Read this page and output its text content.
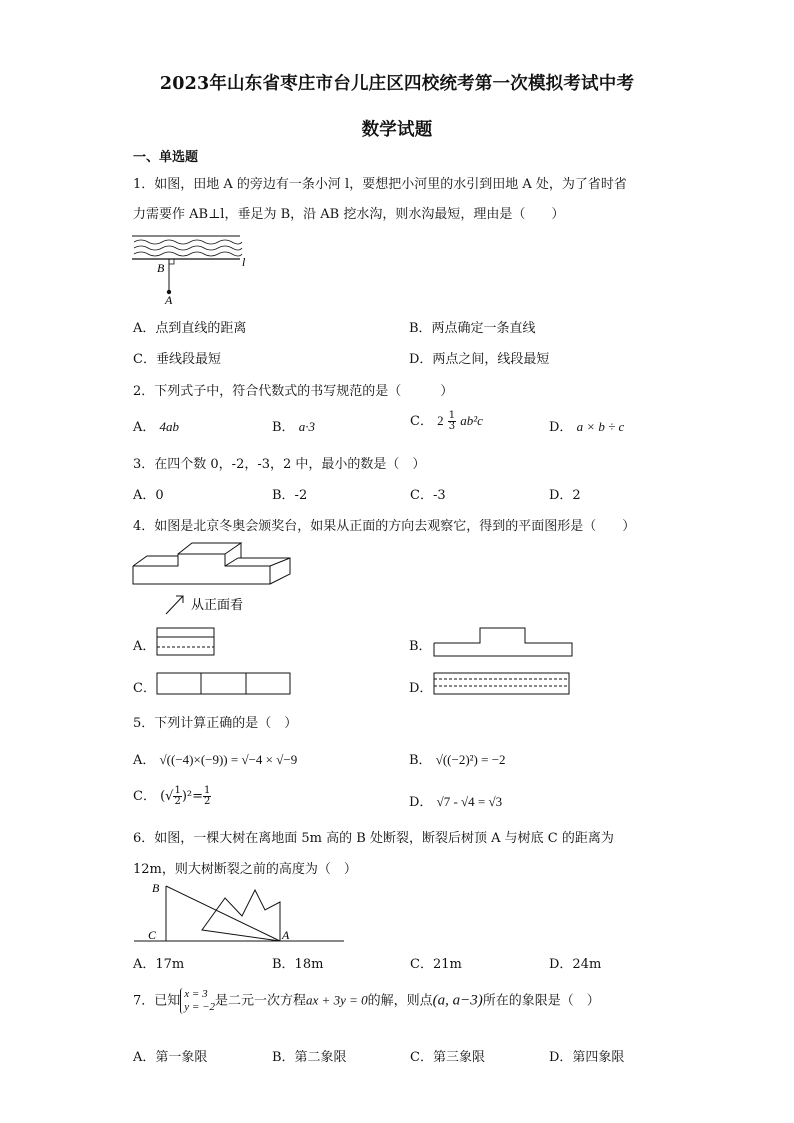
2023年山东省枣庄市台儿庄区四校统考第一次模拟考试中考
数学试题
一、单选题
1．如图，田地 A 的旁边有一条小河 l，要想把小河里的水引到田地 A 处，为了省时省
力需要作 AB⊥l，垂足为 B，沿 AB 挖水沟，则水沟最短，理由是（　　）
B	l
A
A．点到直线的距离	B．两点确定一条直线
C．垂线段最短	D．两点之间，线段最短
2．下列式子中，符合代数式的书写规范的是（　　　）
A． 4ab	B． a·3	C． $2 \frac{1}{3} ab^2c$	D． a × b ÷ c
3．在四个数 0，-2，-3，2 中，最小的数是（　）
A．0	B．-2	C．-3	D．2
4．如图是北京冬奥会颁奖台，如果从正面的方向去观察它，得到的平面图形是（　　）
从正面看
A．	B．
C．	D．
5．下列计算正确的是（　）
A． √((−4)×(−9)) = √−4 × √−9	B． √((−2)²) = −2
C． (√ $\frac{1}{2} )^2= \frac{1}{2}$	D． √7 - √4 = √3
6．如图，一棵大树在离地面 5m 高的 B 处断裂，断裂后树顶 A 与树底 C 的距离为
12m，则大树断裂之前的高度为（　）
B
C	A
A．17m	B．18m	C．21m	D．24m
7．已知 x = 3
y = −2 是二元一次方程ax + 3y = 0的解，则点(a, a−3)所在的象限是（　）
A．第一象限	B．第二象限	C．第三象限	D．第四象限
